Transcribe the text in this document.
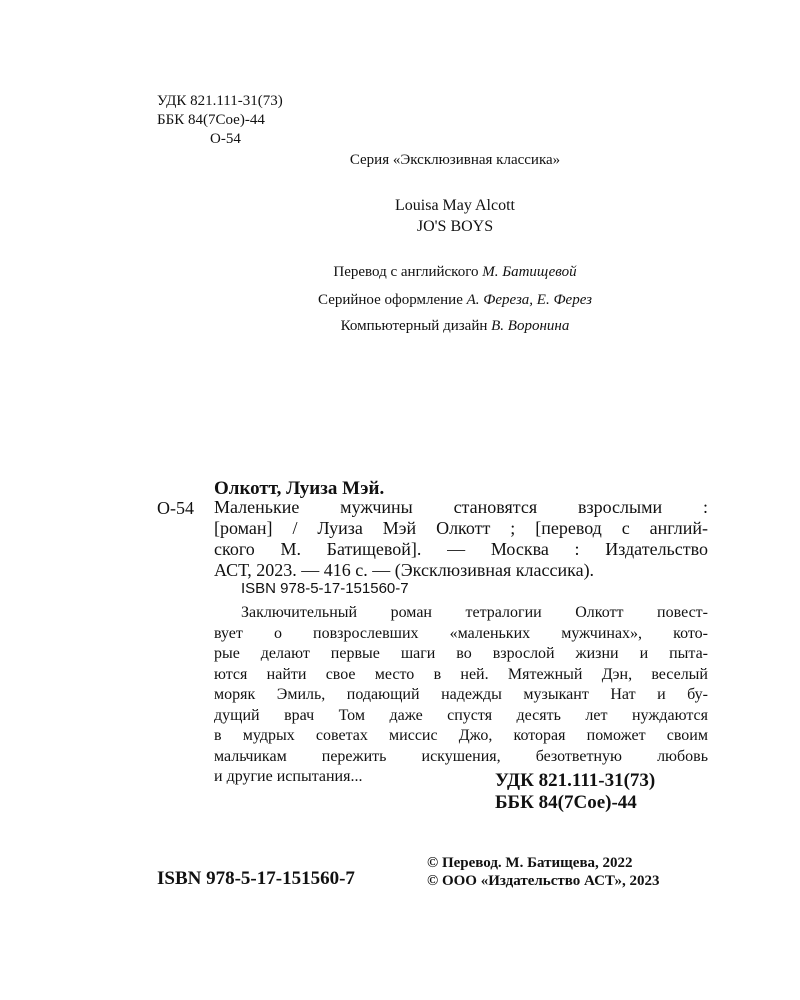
УДК 821.111-31(73)
ББК 84(7Сое)-44
О-54
Серия «Эксклюзивная классика»
Louisa May Alcott
JO'S BOYS
Перевод с английского М. Батищевой
Серийное оформление А. Фереза, Е. Ферез
Компьютерный дизайн В. Воронина
Олкотт, Луиза Мэй.
О-54 Маленькие мужчины становятся взрослыми :
[роман] / Луиза Мэй Олкотт ; [перевод с англий-
ского М. Батищевой]. — Москва : Издательство
АСТ, 2023. — 416 с. — (Эксклюзивная классика).
ISBN 978-5-17-151560-7
Заключительный роман тетралогии Олкотт повест-
вует о повзрослевших «маленьких мужчинах», кото-
рые делают первые шаги во взрослой жизни и пыта-
ются найти свое место в ней. Мятежный Дэн, веселый
моряк Эмиль, подающий надежды музыкант Нат и бу-
дущий врач Том даже спустя десять лет нуждаются
в мудрых советах миссис Джо, которая поможет своим
мальчикам пережить искушения, безответную любовь
и другие испытания...	УДК 821.111-31(73)
ББК 84(7Сое)-44
ISBN 978-5-17-151560-7
© Перевод. М. Батищева, 2022
© ООО «Издательство АСТ», 2023
